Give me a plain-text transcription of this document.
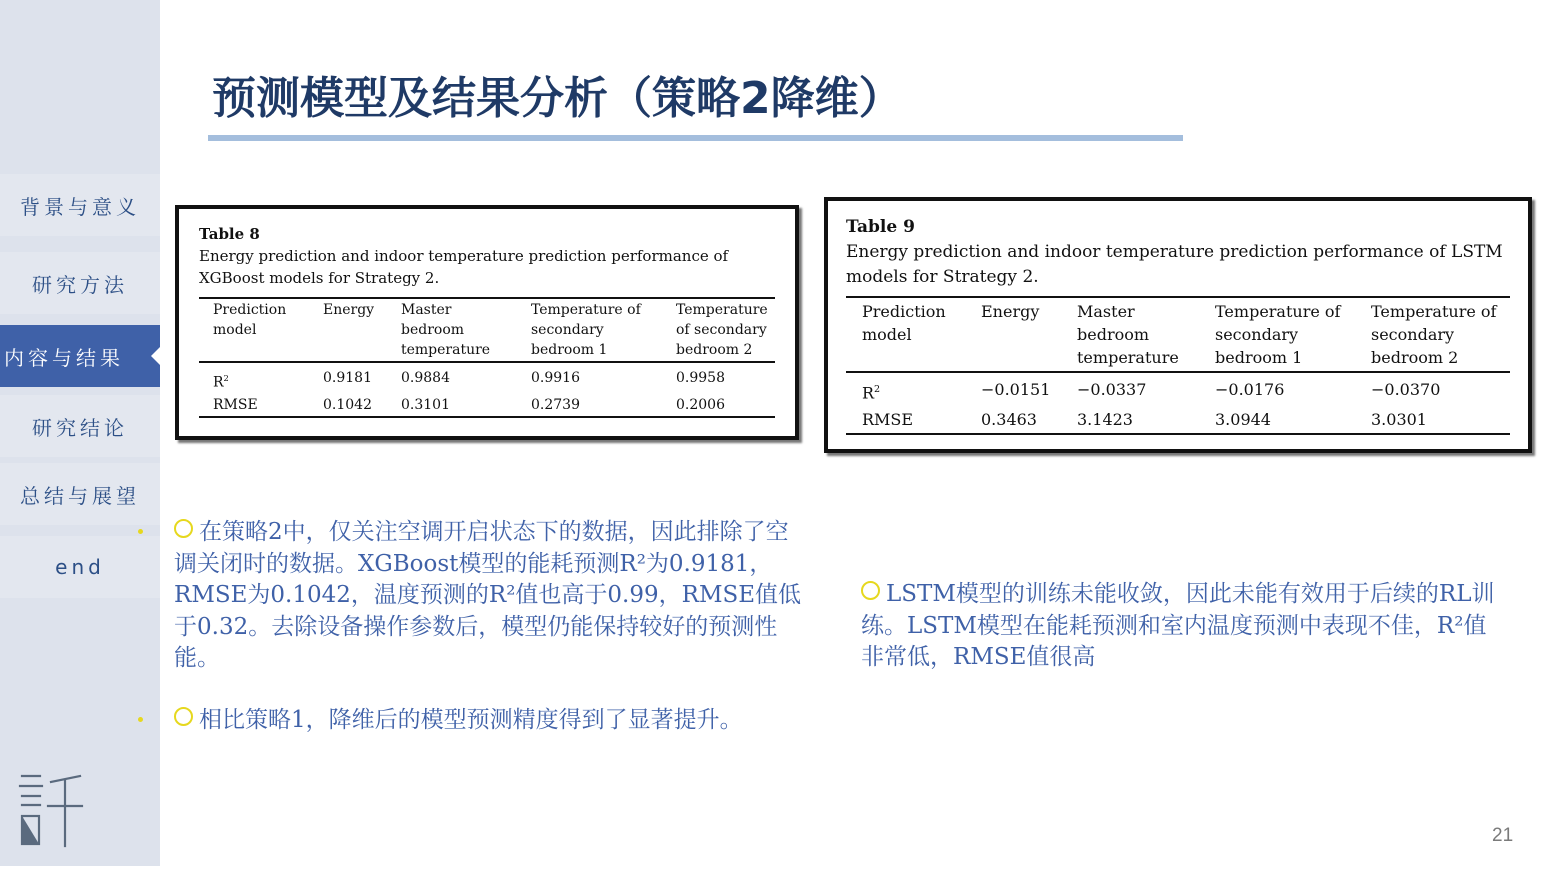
背景与意义
研究方法
内容与结果
研究结论
总结与展望
end
预测模型及结果分析（策略2降维）
Table 8
Energy prediction and indoor temperature prediction performance of XGBoost models for Strategy 2.
Prediction model	Energy	Master bedroom temperature	Temperature of secondary bedroom 1	Temperature of secondary bedroom 2
$R^2$	0.9181	0.9884	0.9916	0.9958
RMSE	0.1042	0.3101	0.2739	0.2006
Table 9
Energy prediction and indoor temperature prediction performance of LSTM models for Strategy 2.
Prediction model	Energy	Master bedroom temperature	Temperature of secondary bedroom 1	Temperature of secondary bedroom 2
$R^2$	−0.0151	−0.0337	−0.0176	−0.0370
RMSE	0.3463	3.1423	3.0944	3.0301
在策略2中，仅关注空调开启状态下的数据，因此排除了空调关闭时的数据。XGBoost模型的能耗预测R²为0.9181，RMSE为0.1042，温度预测的R²值也高于0.99，RMSE值低于0.32。去除设备操作参数后，模型仍能保持较好的预测性能。
相比策略1，降维后的模型预测精度得到了显著提升。
LSTM模型的训练未能收敛，因此未能有效用于后续的RL训练。LSTM模型在能耗预测和室内温度预测中表现不佳，R²值非常低，RMSE值很高
21
